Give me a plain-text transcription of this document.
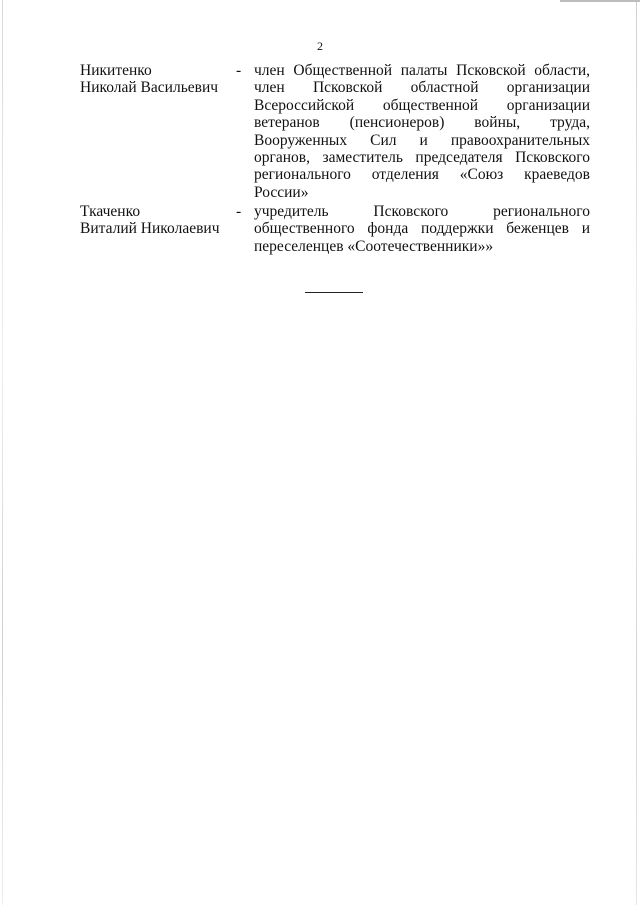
2
Никитенко
Николай Васильевич
- член Общественной палаты Псковской области, член Псковской областной организации Всероссийской общественной организации ветеранов (пенсионеров) войны, труда, Вооруженных Сил и правоохранительных органов, заместитель председателя Псковского регионального отделения «Союз краеведов России»
Ткаченко
Виталий Николаевич
- учредитель Псковского регионального общественного фонда поддержки беженцев и переселенцев «Соотечественники»»
